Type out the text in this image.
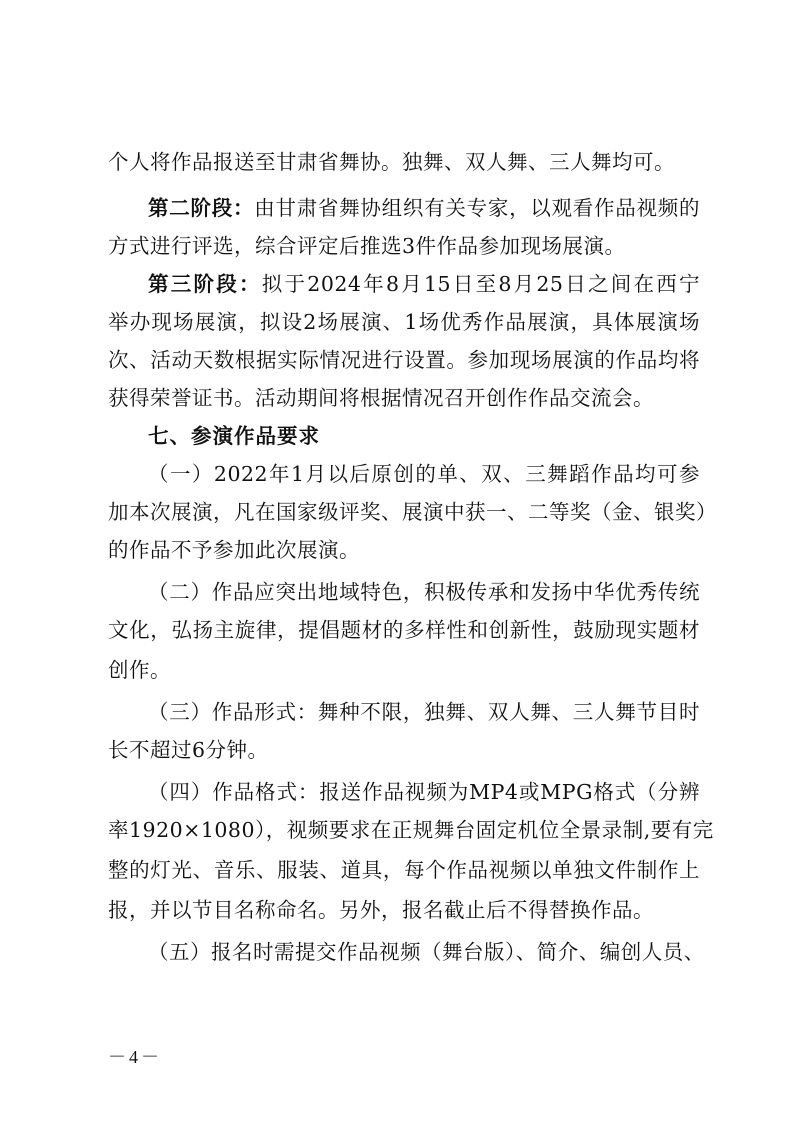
个人将作品报送至甘肃省舞协。独舞、双人舞、三人舞均可。
第二阶段：由甘肃省舞协组织有关专家，以观看作品视频的
方式进行评选，综合评定后推选3件作品参加现场展演。
第三阶段：拟于2024年8月15日至8月25日之间在西宁
举办现场展演，拟设2场展演、1场优秀作品展演，具体展演场
次、活动天数根据实际情况进行设置。参加现场展演的作品均将
获得荣誉证书。活动期间将根据情况召开创作作品交流会。
七、参演作品要求
（一）2022年1月以后原创的单、双、三舞蹈作品均可参
加本次展演，凡在国家级评奖、展演中获一、二等奖（金、银奖）
的作品不予参加此次展演。
（二）作品应突出地域特色，积极传承和发扬中华优秀传统
文化，弘扬主旋律，提倡题材的多样性和创新性，鼓励现实题材
创作。
（三）作品形式：舞种不限，独舞、双人舞、三人舞节目时
长不超过6分钟。
（四）作品格式：报送作品视频为MP4或MPG格式（分辨
率1920×1080），视频要求在正规舞台固定机位全景录制,要有完
整的灯光、音乐、服装、道具，每个作品视频以单独文件制作上
报，并以节目名称命名。另外，报名截止后不得替换作品。
（五）报名时需提交作品视频（舞台版）、简介、编创人员、
－4－
